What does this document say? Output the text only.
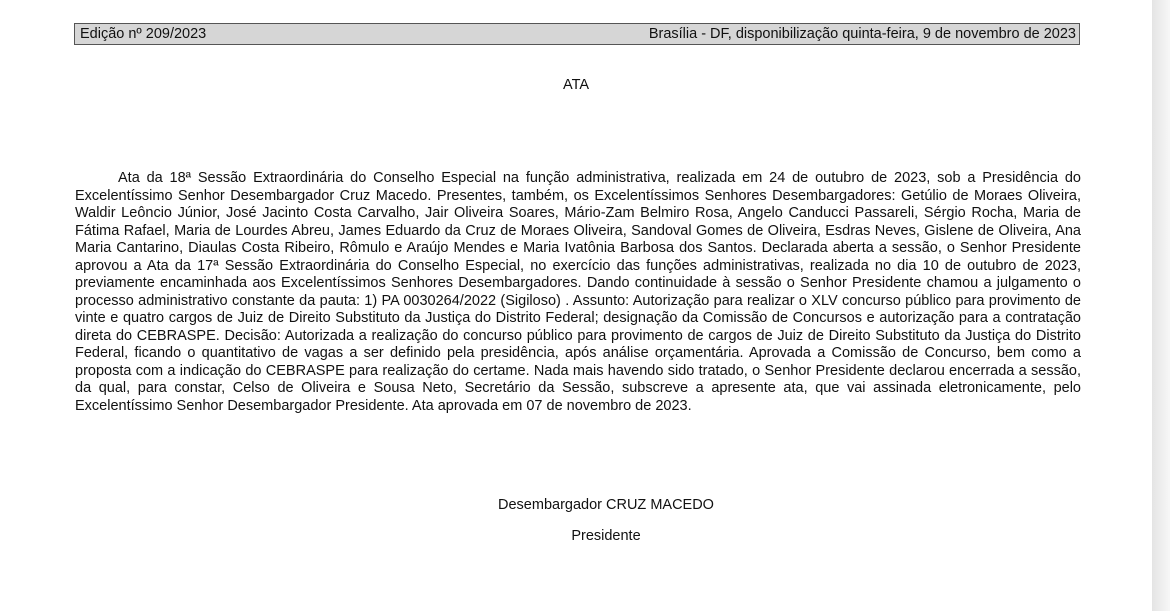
Edição nº 209/2023	Brasília - DF, disponibilização quinta-feira, 9 de novembro de 2023
ATA

Ata da 18ª Sessão Extraordinária do Conselho Especial na função administrativa, realizada em 24 de outubro de 2023, sob a Presidência do Excelentíssimo Senhor Desembargador Cruz Macedo. Presentes, também, os Excelentíssimos Senhores Desembargadores: Getúlio de Moraes Oliveira, Waldir Leôncio Júnior, José Jacinto Costa Carvalho, Jair Oliveira Soares, Mário-Zam Belmiro Rosa, Angelo Canducci Passareli, Sérgio Rocha, Maria de Fátima Rafael, Maria de Lourdes Abreu, James Eduardo da Cruz de Moraes Oliveira, Sandoval Gomes de Oliveira, Esdras Neves, Gislene de Oliveira, Ana Maria Cantarino, Diaulas Costa Ribeiro, Rômulo e Araújo Mendes e Maria Ivatônia Barbosa dos Santos. Declarada aberta a sessão, o Senhor Presidente aprovou a Ata da 17ª Sessão Extraordinária do Conselho Especial, no exercício das funções administrativas, realizada no dia 10 de outubro de 2023, previamente encaminhada aos Excelentíssimos Senhores Desembargadores. Dando continuidade à sessão o Senhor Presidente chamou a julgamento o processo administrativo constante da pauta: 1) PA 0030264/2022 (Sigiloso) . Assunto: Autorização para realizar o XLV concurso público para provimento de vinte e quatro cargos de Juiz de Direito Substituto da Justiça do Distrito Federal; designação da Comissão de Concursos e autorização para a contratação direta do CEBRASPE. Decisão: Autorizada a realização do concurso público para provimento de cargos de Juiz de Direito Substituto da Justiça do Distrito Federal, ficando o quantitativo de vagas a ser definido pela presidência, após análise orçamentária. Aprovada a Comissão de Concurso, bem como a proposta com a indicação do CEBRASPE para realização do certame. Nada mais havendo sido tratado, o Senhor Presidente declarou encerrada a sessão, da qual, para constar, Celso de Oliveira e Sousa Neto, Secretário da Sessão, subscreve a apresente ata, que vai assinada eletronicamente, pelo Excelentíssimo Senhor Desembargador Presidente. Ata aprovada em 07 de novembro de 2023.

Desembargador CRUZ MACEDO
Presidente
